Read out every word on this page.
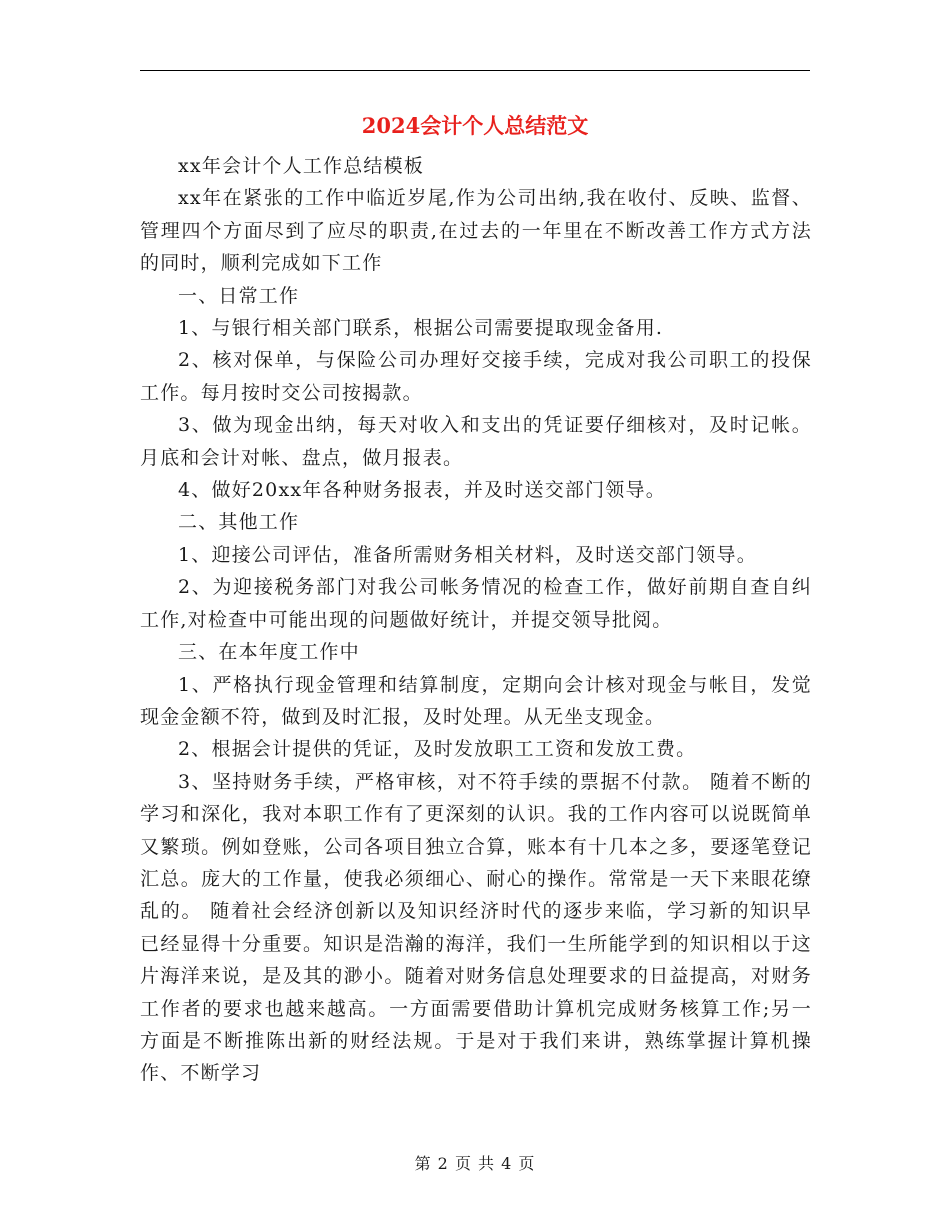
2024会计个人总结范文

xx年会计个人工作总结模板

xx年在紧张的工作中临近岁尾,作为公司出纳,我在收付、反映、监督、管理四个方面尽到了应尽的职责,在过去的一年里在不断改善工作方式方法的同时，顺利完成如下工作

一、日常工作

1、与银行相关部门联系，根据公司需要提取现金备用.

2、核对保单，与保险公司办理好交接手续，完成对我公司职工的投保工作。每月按时交公司按揭款。

3、做为现金出纳，每天对收入和支出的凭证要仔细核对，及时记帐。月底和会计对帐、盘点，做月报表。

4、做好20xx年各种财务报表，并及时送交部门领导。

二、其他工作

1、迎接公司评估，准备所需财务相关材料，及时送交部门领导。

2、为迎接税务部门对我公司帐务情况的检查工作，做好前期自查自纠工作,对检查中可能出现的问题做好统计，并提交领导批阅。

三、在本年度工作中

1、严格执行现金管理和结算制度，定期向会计核对现金与帐目，发觉现金金额不符，做到及时汇报，及时处理。从无坐支现金。

2、根据会计提供的凭证，及时发放职工工资和发放工费。

3、坚持财务手续，严格审核，对不符手续的票据不付款。 随着不断的学习和深化，我对本职工作有了更深刻的认识。我的工作内容可以说既简单又繁琐。例如登账，公司各项目独立合算，账本有十几本之多，要逐笔登记汇总。庞大的工作量，使我必须细心、耐心的操作。常常是一天下来眼花缭乱的。 随着社会经济创新以及知识经济时代的逐步来临，学习新的知识早已经显得十分重要。知识是浩瀚的海洋，我们一生所能学到的知识相以于这片海洋来说，是及其的渺小。随着对财务信息处理要求的日益提高，对财务工作者的要求也越来越高。一方面需要借助计算机完成财务核算工作;另一方面是不断推陈出新的财经法规。于是对于我们来讲，熟练掌握计算机操作、不断学习

第 2 页 共 4 页
